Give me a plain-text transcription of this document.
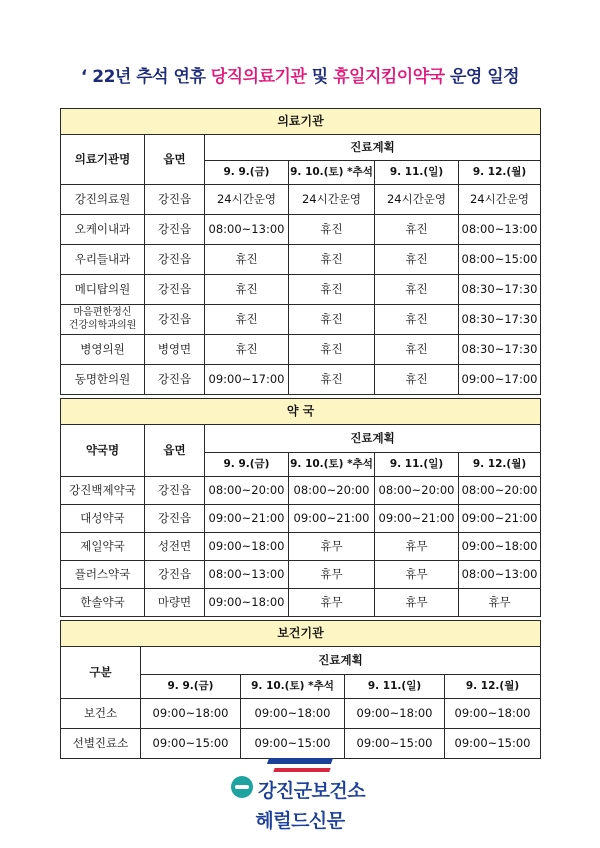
‘ 22년 추석 연휴 당직의료기관 및 휴일지킴이약국 운영 일정
의료기관					
의료기관명	읍면	진료계획			
		9. 9.(금)	9. 10.(토) *추석	9. 11.(일)	9. 12.(월)
강진의료원	강진읍	24시간운영	24시간운영	24시간운영	24시간운영
오케이내과	강진읍	08:00~13:00	휴진	휴진	08:00~13:00
우리들내과	강진읍	휴진	휴진	휴진	08:00~15:00
메디탑의원	강진읍	휴진	휴진	휴진	08:30~17:30

마음편한정신
건강의학과의원	강진읍	휴진	휴진	휴진	08:30~17:30
병영의원	병영면	휴진	휴진	휴진	08:30~17:30
동명한의원	강진읍	09:00~17:00	휴진	휴진	09:00~17:00
약 국					
약국명	읍면	진료계획			
		9. 9.(금)	9. 10.(토) *추석	9. 11.(일)	9. 12.(월)
강진백제약국	강진읍	08:00~20:00	08:00~20:00	08:00~20:00	08:00~20:00
대성약국	강진읍	09:00~21:00	09:00~21:00	09:00~21:00	09:00~21:00
제일약국	성전면	09:00~18:00	휴무	휴무	09:00~18:00
플러스약국	강진읍	08:00~13:00	휴무	휴무	08:00~13:00
한솔약국	마량면	09:00~18:00	휴무	휴무	휴무
보건기관				
구분	진료계획			
	9. 9.(금)	9. 10.(토) *추석	9. 11.(일)	9. 12.(월)
보건소	09:00~18:00	09:00~18:00	09:00~18:00	09:00~18:00
선별진료소	09:00~15:00	09:00~15:00	09:00~15:00	09:00~15:00
강진군보건소
헤럴드신문
